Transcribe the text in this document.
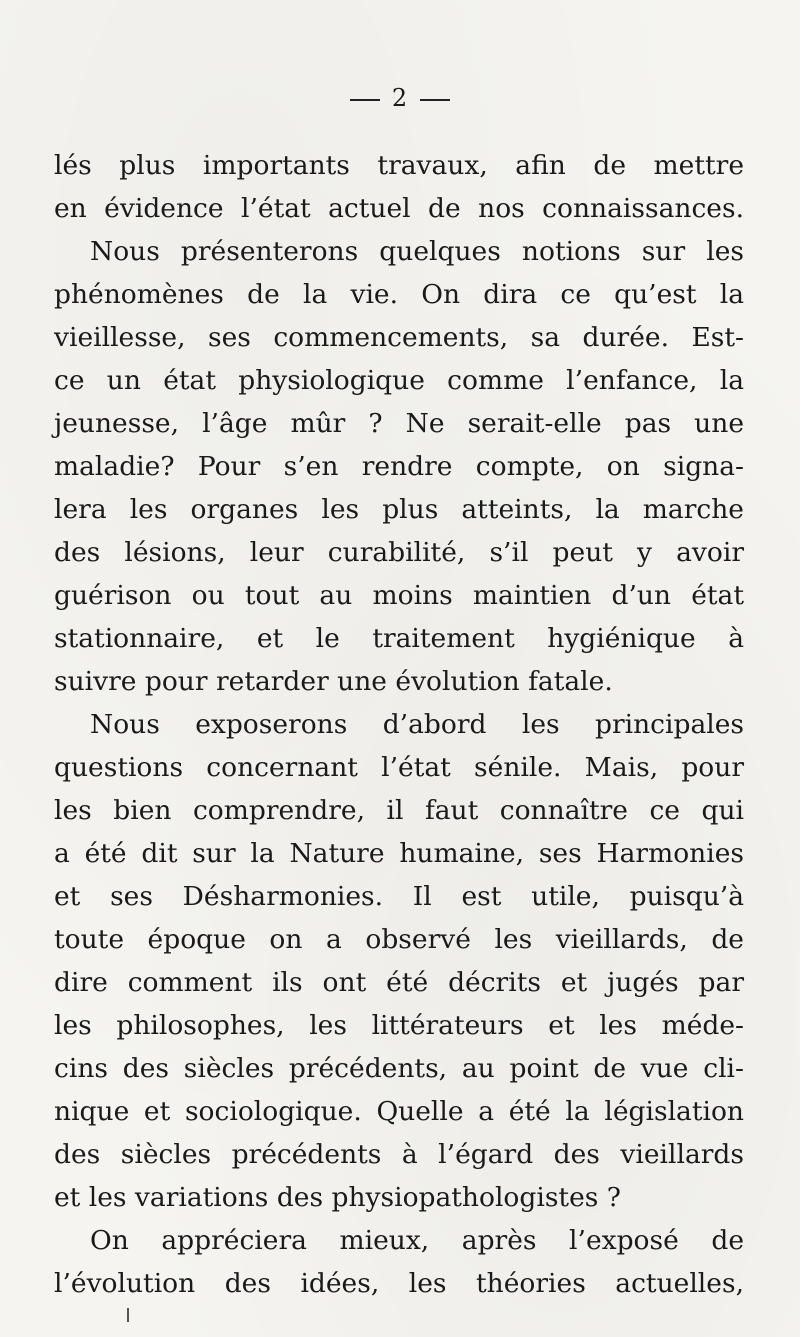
2
lés plus importants travaux, afin de mettre
en évidence l’état actuel de nos connaissances.
Nous présenterons quelques notions sur les
phénomènes de la vie. On dira ce qu’est la
vieillesse, ses commencements, sa durée. Est-
ce un état physiologique comme l’enfance, la
jeunesse, l’âge mûr ? Ne serait-elle pas une
maladie? Pour s’en rendre compte, on signa-
lera les organes les plus atteints, la marche
des lésions, leur curabilité, s’il peut y avoir
guérison ou tout au moins maintien d’un état
stationnaire, et le traitement hygiénique à
suivre pour retarder une évolution fatale.
Nous exposerons d’abord les principales
questions concernant l’état sénile. Mais, pour
les bien comprendre, il faut connaître ce qui
a été dit sur la Nature humaine, ses Harmonies
et ses Désharmonies. Il est utile, puisqu’à
toute époque on a observé les vieillards, de
dire comment ils ont été décrits et jugés par
les philosophes, les littérateurs et les méde-
cins des siècles précédents, au point de vue cli-
nique et sociologique. Quelle a été la législation
des siècles précédents à l’égard des vieillards
et les variations des physiopathologistes ?
On appréciera mieux, après l’exposé de
l’évolution des idées, les théories actuelles,
